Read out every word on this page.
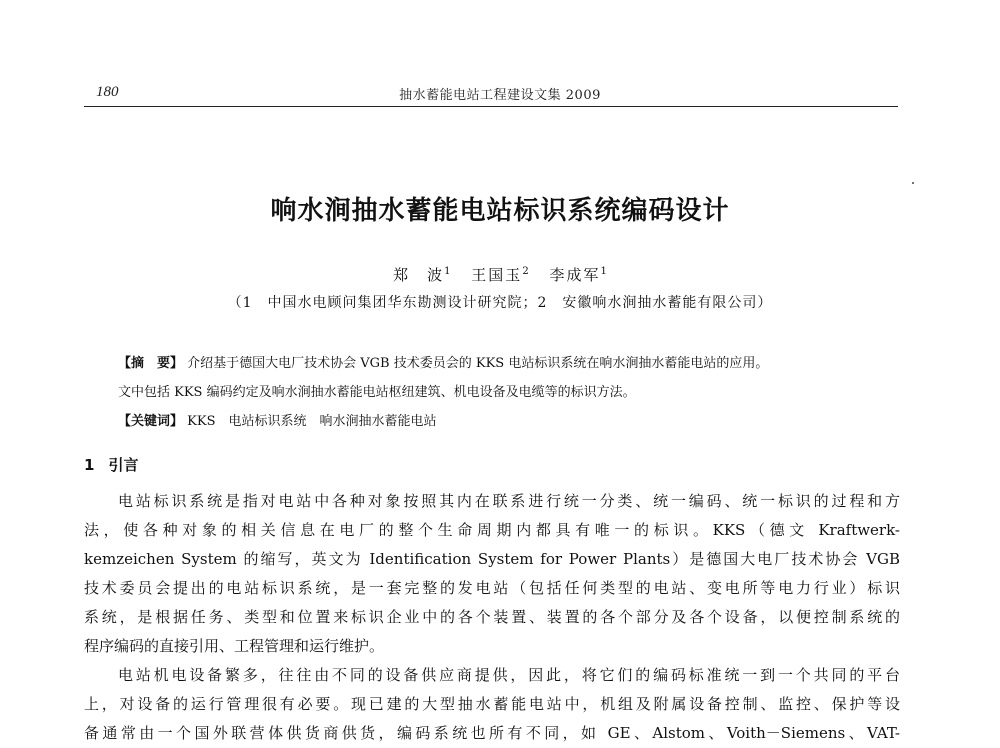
180	抽水蓄能电站工程建设文集 2009
响水涧抽水蓄能电站标识系统编码设计
郑　波$^1$ 王国玉$^2$ 李成军$^1$
（1　中国水电顾问集团华东勘测设计研究院；2　安徽响水涧抽水蓄能有限公司）
【摘　要】 介绍基于德国大电厂技术协会 VGB 技术委员会的 KKS 电站标识系统在响水涧抽水蓄能电站的应用。
文中包括 KKS 编码约定及响水涧抽水蓄能电站枢纽建筑、机电设备及电缆等的标识方法。
【关键词】 KKS　电站标识系统　响水涧抽水蓄能电站
1 引言
电站标识系统是指对电站中各种对象按照其内在联系进行统一分类、统一编码、统一标识的过程和方
法，使各种对象的相关信息在电厂的整个生命周期内都具有唯一的标识。KKS（德文 Kraftwerk-
kemzeichen System 的缩写，英文为 Identification System for Power Plants）是德国大电厂技术协会 VGB
技术委员会提出的电站标识系统，是一套完整的发电站（包括任何类型的电站、变电所等电力行业）标识
系统，是根据任务、类型和位置来标识企业中的各个装置、装置的各个部分及各个设备，以便控制系统的
程序编码的直接引用、工程管理和运行维护。
电站机电设备繁多，往往由不同的设备供应商提供，因此，将它们的编码标准统一到一个共同的平台
上，对设备的运行管理很有必要。现已建的大型抽水蓄能电站中，机组及附属设备控制、监控、保护等设
备通常由一个国外联营体供货商供货，编码系统也所有不同，如 GE、Alstom、Voith－Siemens、VAT-
